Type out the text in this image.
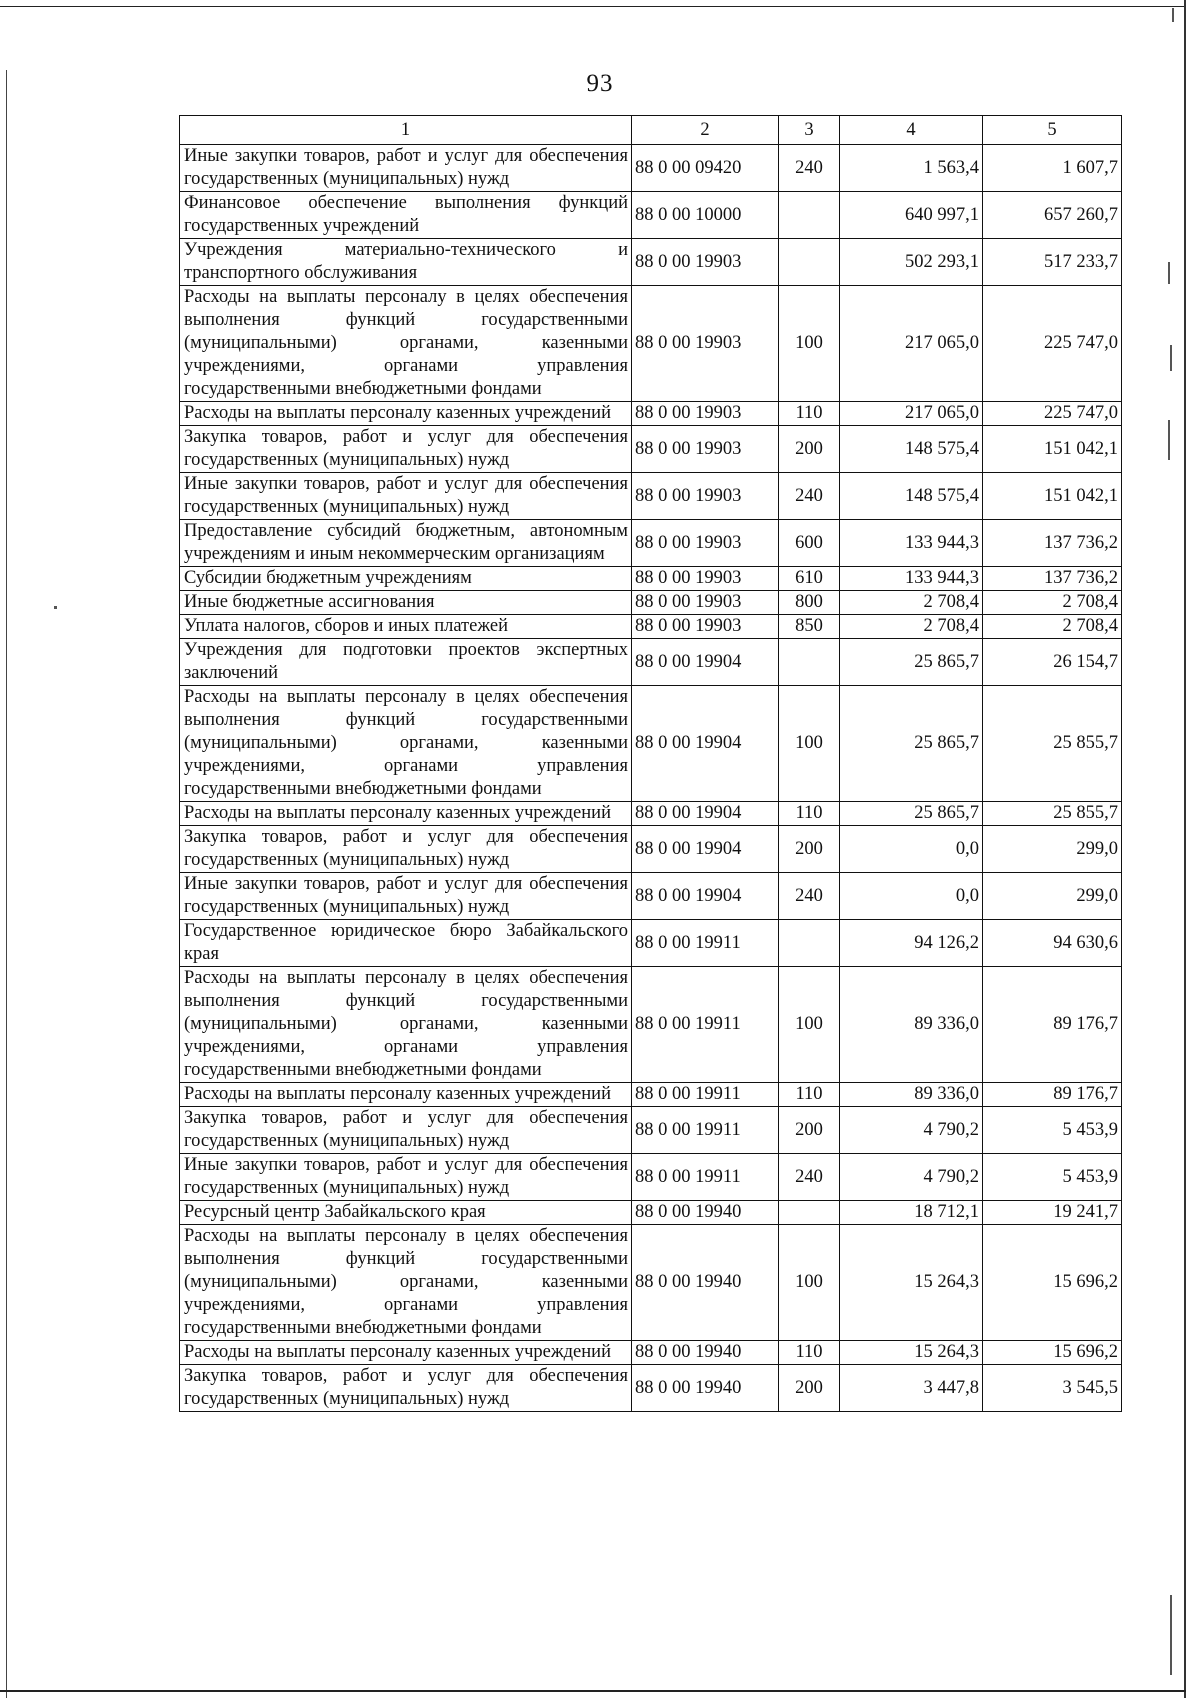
93
1	2	3	4	5
Иные закупки товаров, работ и услуг для обеспечения государственных (муниципальных) нужд	88 0 00 09420	240	1 563,4	1 607,7
Финансовое обеспечение выполнения функций государственных учреждений	88 0 00 10000		640 997,1	657 260,7
Учреждения материально-технического и транспортного обслуживания	88 0 00 19903		502 293,1	517 233,7
Расходы на выплаты персоналу в целях обеспечения выполнения функций государственными (муниципальными) органами, казенными учреждениями, органами управления государственными внебюджетными фондами	88 0 00 19903	100	217 065,0	225 747,0
Расходы на выплаты персоналу казенных учреждений	88 0 00 19903	110	217 065,0	225 747,0
Закупка товаров, работ и услуг для обеспечения государственных (муниципальных) нужд	88 0 00 19903	200	148 575,4	151 042,1
Иные закупки товаров, работ и услуг для обеспечения государственных (муниципальных) нужд	88 0 00 19903	240	148 575,4	151 042,1
Предоставление субсидий бюджетным, автономным учреждениям и иным некоммерческим организациям	88 0 00 19903	600	133 944,3	137 736,2
Субсидии бюджетным учреждениям	88 0 00 19903	610	133 944,3	137 736,2
Иные бюджетные ассигнования	88 0 00 19903	800	2 708,4	2 708,4
Уплата налогов, сборов и иных платежей	88 0 00 19903	850	2 708,4	2 708,4
Учреждения для подготовки проектов экспертных заключений	88 0 00 19904		25 865,7	26 154,7
Расходы на выплаты персоналу в целях обеспечения выполнения функций государственными (муниципальными) органами, казенными учреждениями, органами управления государственными внебюджетными фондами	88 0 00 19904	100	25 865,7	25 855,7
Расходы на выплаты персоналу казенных учреждений	88 0 00 19904	110	25 865,7	25 855,7
Закупка товаров, работ и услуг для обеспечения государственных (муниципальных) нужд	88 0 00 19904	200	0,0	299,0
Иные закупки товаров, работ и услуг для обеспечения государственных (муниципальных) нужд	88 0 00 19904	240	0,0	299,0
Государственное юридическое бюро Забайкальского края	88 0 00 19911		94 126,2	94 630,6
Расходы на выплаты персоналу в целях обеспечения выполнения функций государственными (муниципальными) органами, казенными учреждениями, органами управления государственными внебюджетными фондами	88 0 00 19911	100	89 336,0	89 176,7
Расходы на выплаты персоналу казенных учреждений	88 0 00 19911	110	89 336,0	89 176,7
Закупка товаров, работ и услуг для обеспечения государственных (муниципальных) нужд	88 0 00 19911	200	4 790,2	5 453,9
Иные закупки товаров, работ и услуг для обеспечения государственных (муниципальных) нужд	88 0 00 19911	240	4 790,2	5 453,9
Ресурсный центр Забайкальского края	88 0 00 19940		18 712,1	19 241,7
Расходы на выплаты персоналу в целях обеспечения выполнения функций государственными (муниципальными) органами, казенными учреждениями, органами управления государственными внебюджетными фондами	88 0 00 19940	100	15 264,3	15 696,2
Расходы на выплаты персоналу казенных учреждений	88 0 00 19940	110	15 264,3	15 696,2
Закупка товаров, работ и услуг для обеспечения государственных (муниципальных) нужд	88 0 00 19940	200	3 447,8	3 545,5
